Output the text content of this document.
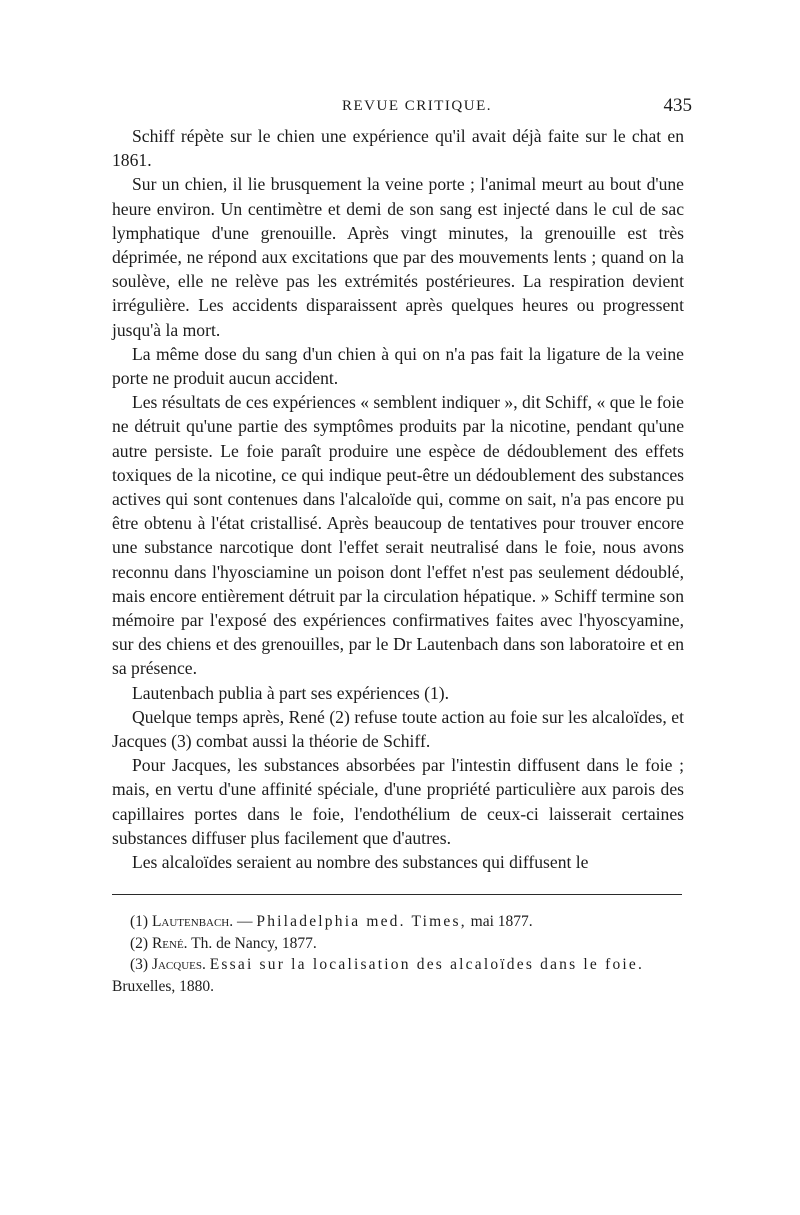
REVUE CRITIQUE.	435

Schiff répète sur le chien une expérience qu'il avait déjà faite sur le chat en 1861.

Sur un chien, il lie brusquement la veine porte ; l'animal meurt au bout d'une heure environ. Un centimètre et demi de son sang est injecté dans le cul de sac lymphatique d'une grenouille. Après vingt minutes, la grenouille est très déprimée, ne répond aux excitations que par des mouvements lents ; quand on la soulève, elle ne relève pas les extrémités postérieures. La respiration devient irrégulière. Les accidents disparaissent après quelques heures ou progressent jusqu'à la mort.

La même dose du sang d'un chien à qui on n'a pas fait la ligature de la veine porte ne produit aucun accident.

Les résultats de ces expériences « semblent indiquer », dit Schiff, « que le foie ne détruit qu'une partie des symptômes produits par la nicotine, pendant qu'une autre persiste. Le foie paraît produire une espèce de dédoublement des effets toxiques de la nicotine, ce qui indique peut-être un dédoublement des substances actives qui sont contenues dans l'alcaloïde qui, comme on sait, n'a pas encore pu être obtenu à l'état cristallisé. Après beaucoup de tentatives pour trouver encore une substance narcotique dont l'effet serait neutralisé dans le foie, nous avons reconnu dans l'hyosciamine un poison dont l'effet n'est pas seulement dédoublé, mais encore entièrement détruit par la circulation hépatique. » Schiff termine son mémoire par l'exposé des expériences confirmatives faites avec l'hyoscyamine, sur des chiens et des grenouilles, par le Dr Lautenbach dans son laboratoire et en sa présence.

Lautenbach publia à part ses expériences (1).

Quelque temps après, René (2) refuse toute action au foie sur les alcaloïdes, et Jacques (3) combat aussi la théorie de Schiff.

Pour Jacques, les substances absorbées par l'intestin diffusent dans le foie ; mais, en vertu d'une affinité spéciale, d'une propriété particulière aux parois des capillaires portes dans le foie, l'endothélium de ceux-ci laisserait certaines substances diffuser plus facilement que d'autres.

Les alcaloïdes seraient au nombre des substances qui diffusent le

(1) Lautenbach. — Philadelphia med. Times, mai 1877.

(2) René. Th. de Nancy, 1877.

(3) Jacques. Essai sur la localisation des alcaloïdes dans le foie. Bruxelles, 1880.
